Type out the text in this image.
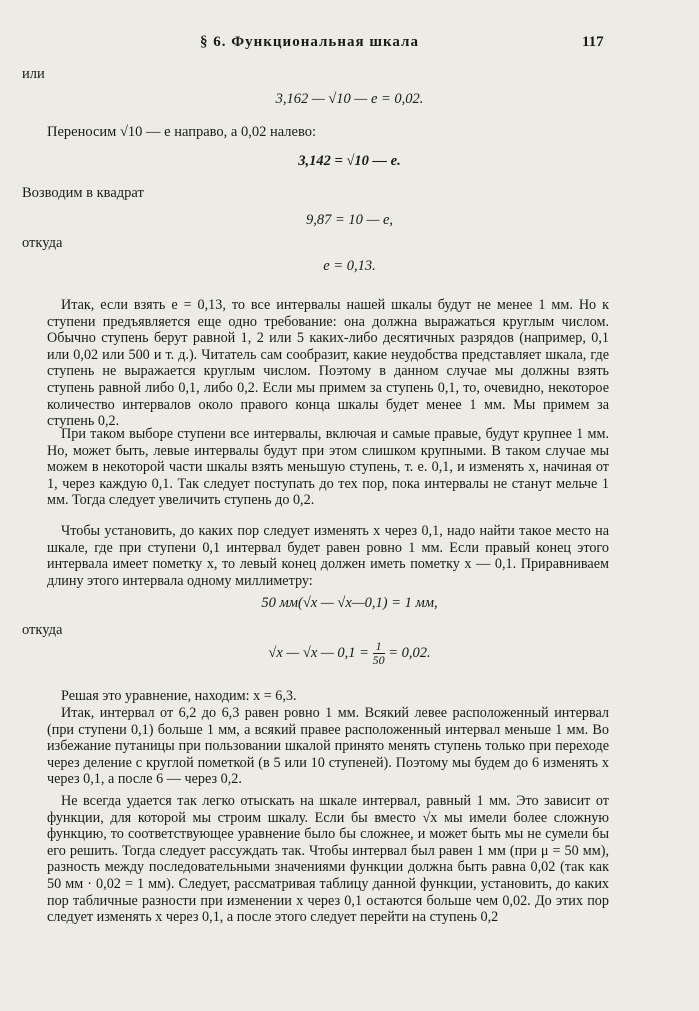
§ 6. Функциональная шкала	117
или
3,162 — √10 — e = 0,02.
Переносим √10 — e направо, а 0,02 налево:
3,142 = √10 — e.
Возводим в квадрат
9,87 = 10 — e,
откуда
e = 0,13.

Итак, если взять e = 0,13, то все интервалы нашей шкалы будут не менее 1 мм. Но к ступени предъявляется еще одно требование: она должна выражаться круглым числом. Обычно ступень берут равной 1, 2 или 5 каких-либо десятичных разрядов (например, 0,1 или 0,02 или 500 и т. д.). Читатель сам сообразит, какие неудобства представляет шкала, где ступень не выражается круглым числом. Поэтому в данном случае мы должны взять ступень равной либо 0,1, либо 0,2. Если мы примем за ступень 0,1, то, очевидно, некоторое количество интервалов около правого конца шкалы будет менее 1 мм. Мы примем за ступень 0,2.

При таком выборе ступени все интервалы, включая и самые правые, будут крупнее 1 мм. Но, может быть, левые интервалы будут при этом слишком крупными. В таком случае мы можем в некоторой части шкалы взять меньшую ступень, т. е. 0,1, и изменять x, начиная от 1, через каждую 0,1. Так следует поступать до тех пор, пока интервалы не станут мельче 1 мм. Тогда следует увеличить ступень до 0,2.

Чтобы установить, до каких пор следует изменять x через 0,1, надо найти такое место на шкале, где при ступени 0,1 интервал будет равен ровно 1 мм. Если правый конец этого интервала имеет пометку x, то левый конец должен иметь пометку x — 0,1. Приравниваем длину этого интервала одному миллиметру:

50 мм(√x — √x—0,1) = 1 мм,
откуда
√x — √x — $0,1 = \frac{1}{50} = 0,02$.

Решая это уравнение, находим: x = 6,3.

Итак, интервал от 6,2 до 6,3 равен ровно 1 мм. Всякий левее расположенный интервал (при ступени 0,1) больше 1 мм, а всякий правее расположенный интервал меньше 1 мм. Во избежание путаницы при пользовании шкалой принято менять ступень только при переходе через деление с круглой пометкой (в 5 или 10 ступеней). Поэтому мы будем до 6 изменять x через 0,1, а после 6 — через 0,2.

Не всегда удается так легко отыскать на шкале интервал, равный 1 мм. Это зависит от функции, для которой мы строим шкалу. Если бы вместо √x мы имели более сложную функцию, то соответствующее уравнение было бы сложнее, и может быть мы не сумели бы его решить. Тогда следует рассуждать так. Чтобы интервал был равен 1 мм (при μ = 50 мм), разность между последовательными значениями функции должна быть равна 0,02 (так как 50 мм · 0,02 = 1 мм). Следует, рассматривая таблицу данной функции, установить, до каких пор табличные разности при изменении x через 0,1 остаются больше чем 0,02. До этих пор следует изменять x через 0,1, а после этого следует перейти на ступень 0,2
